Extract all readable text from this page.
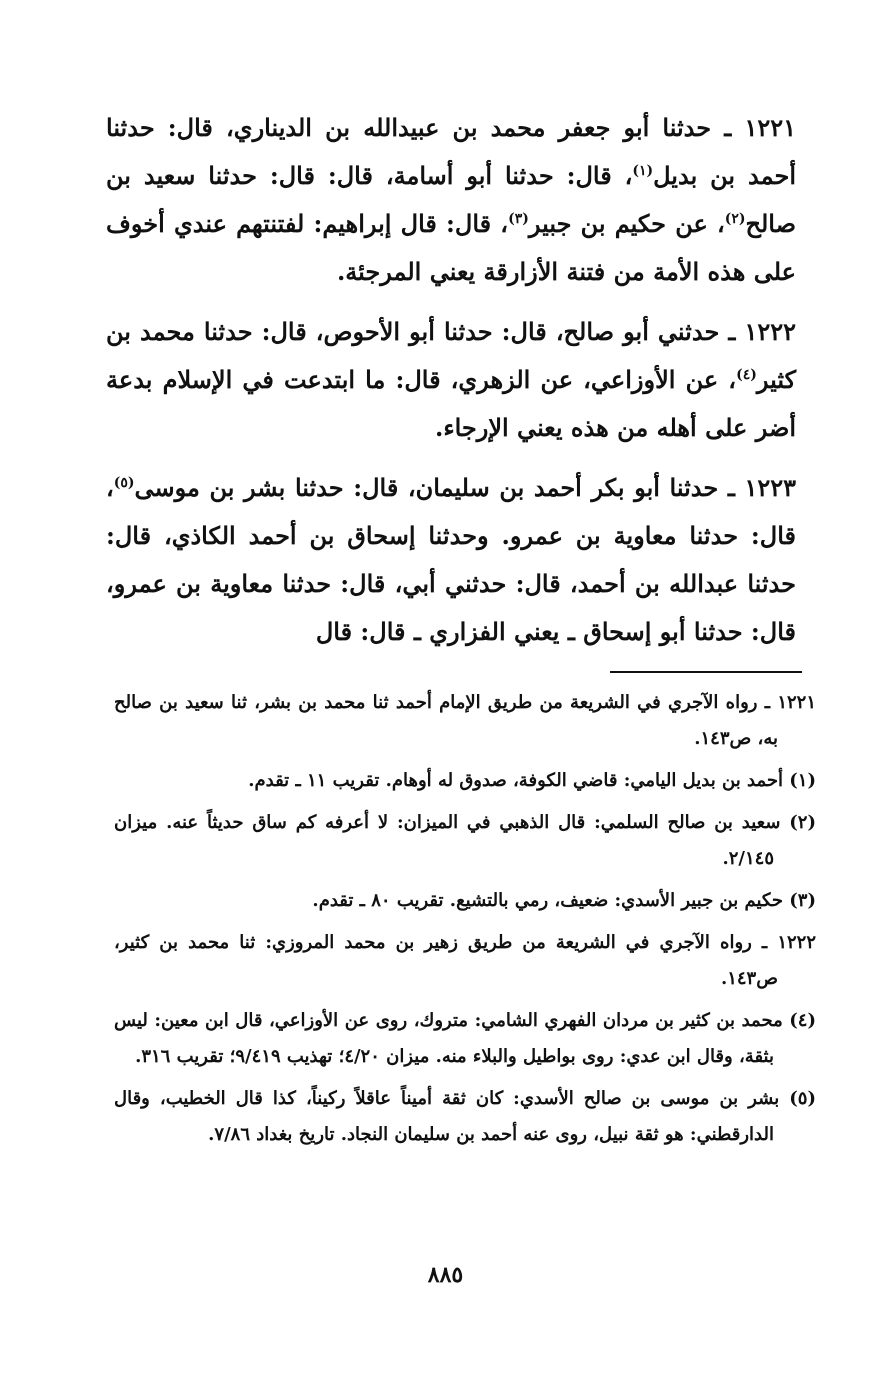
١٢٢١ ـ حدثنا أبو جعفر محمد بن عبيدالله بن الديناري، قال: حدثنا أحمد بن بديل$^{(١)}$، قال: حدثنا أبو أسامة، قال: قال: حدثنا سعيد بن صالح$^{(٢)}$، عن حكيم بن جبير$^{(٣)}$، قال: قال إبراهيم: لفتنتهم عندي أخوف على هذه الأمة من فتنة الأزارقة يعني المرجئة.

١٢٢٢ ـ حدثني أبو صالح، قال: حدثنا أبو الأحوص، قال: حدثنا محمد بن كثير$^{(٤)}$، عن الأوزاعي، عن الزهري، قال: ما ابتدعت في الإسلام بدعة أضر على أهله من هذه يعني الإرجاء.

١٢٢٣ ـ حدثنا أبو بكر أحمد بن سليمان، قال: حدثنا بشر بن موسى$^{(٥)}$، قال: حدثنا معاوية بن عمرو. وحدثنا إسحاق بن أحمد الكاذي، قال: حدثنا عبدالله بن أحمد، قال: حدثني أبي، قال: حدثنا معاوية بن عمرو، قال: حدثنا أبو إسحاق ـ يعني الفزاري ـ قال: قال

١٢٢١ ـ رواه الآجري في الشريعة من طريق الإمام أحمد ثنا محمد بن بشر، ثنا سعيد بن صالح به، ص١٤٣.

(١) أحمد بن بديل اليامي: قاضي الكوفة، صدوق له أوهام. تقريب ١١ ـ تقدم.

(٢) سعيد بن صالح السلمي: قال الذهبي في الميزان: لا أعرفه كم ساق حديثاً عنه. ميزان ٢/١٤٥.

(٣) حكيم بن جبير الأسدي: ضعيف، رمي بالتشيع. تقريب ٨٠ ـ تقدم.

١٢٢٢ ـ رواه الآجري في الشريعة من طريق زهير بن محمد المروزي: ثنا محمد بن كثير، ص١٤٣.

(٤) محمد بن كثير بن مردان الفهري الشامي: متروك، روى عن الأوزاعي، قال ابن معين: ليس بثقة، وقال ابن عدي: روى بواطيل والبلاء منه. ميزان ٤/٢٠؛ تهذيب ٩/٤١٩؛ تقريب ٣١٦.

(٥) بشر بن موسى بن صالح الأسدي: كان ثقة أميناً عاقلاً ركيناً، كذا قال الخطيب، وقال الدارقطني: هو ثقة نبيل، روى عنه أحمد بن سليمان النجاد. تاريخ بغداد ٧/٨٦.

٨٨٥
